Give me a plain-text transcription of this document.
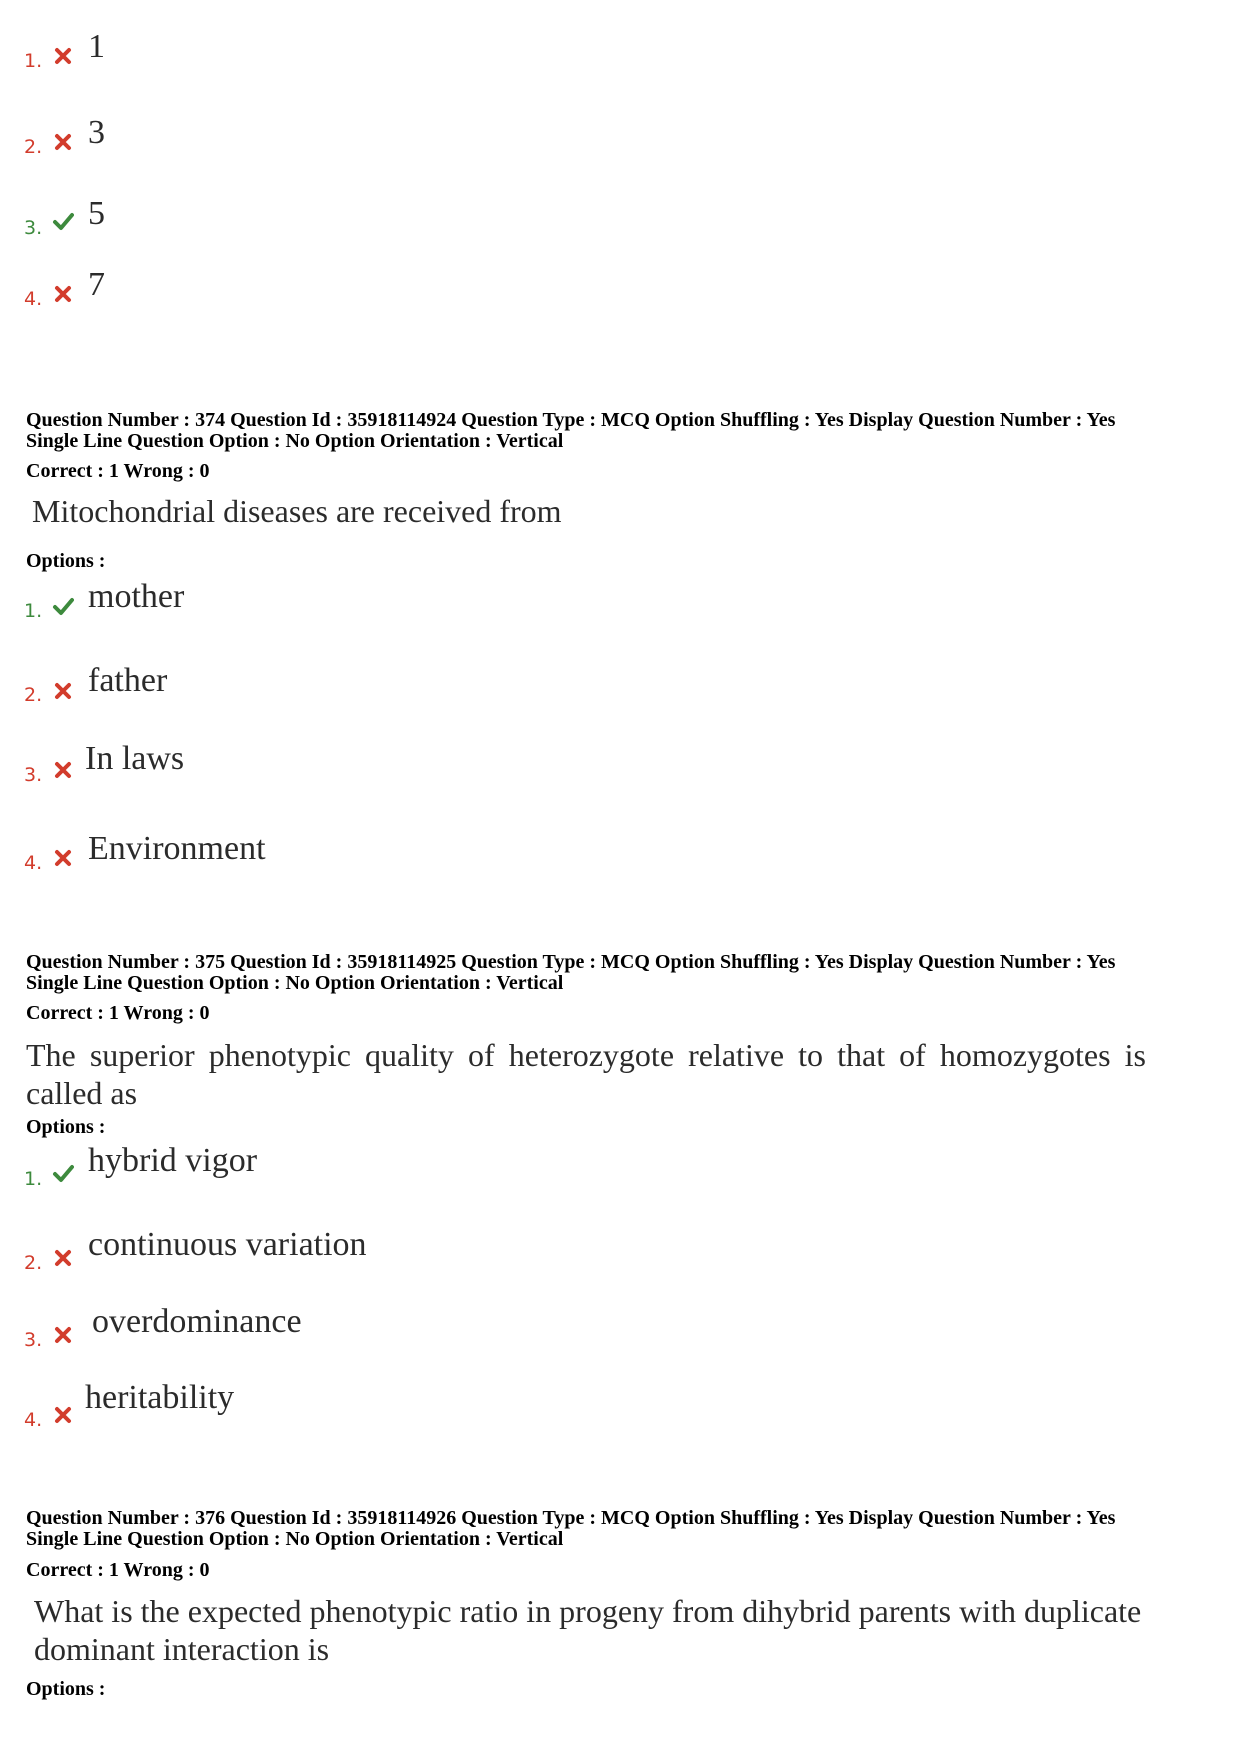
1. 1
2. 3
3. 5
4. 7
Question Number : 374 Question Id : 35918114924 Question Type : MCQ Option Shuffling : Yes Display Question Number : Yes
Single Line Question Option : No Option Orientation : Vertical
Correct : 1 Wrong : 0
Mitochondrial diseases are received from
Options :
1. mother
2. father
3. In laws
4. Environment
Question Number : 375 Question Id : 35918114925 Question Type : MCQ Option Shuffling : Yes Display Question Number : Yes
Single Line Question Option : No Option Orientation : Vertical
Correct : 1 Wrong : 0
The superior phenotypic quality of heterozygote relative to that of homozygotes is
called as
Options :
1. hybrid vigor
2. continuous variation
3. overdominance
4.
heritability
Question Number : 376 Question Id : 35918114926 Question Type : MCQ Option Shuffling : Yes Display Question Number : Yes
Single Line Question Option : No Option Orientation : Vertical
Correct : 1 Wrong : 0
What is the expected phenotypic ratio in progeny from dihybrid parents with duplicate
dominant interaction is
Options :
